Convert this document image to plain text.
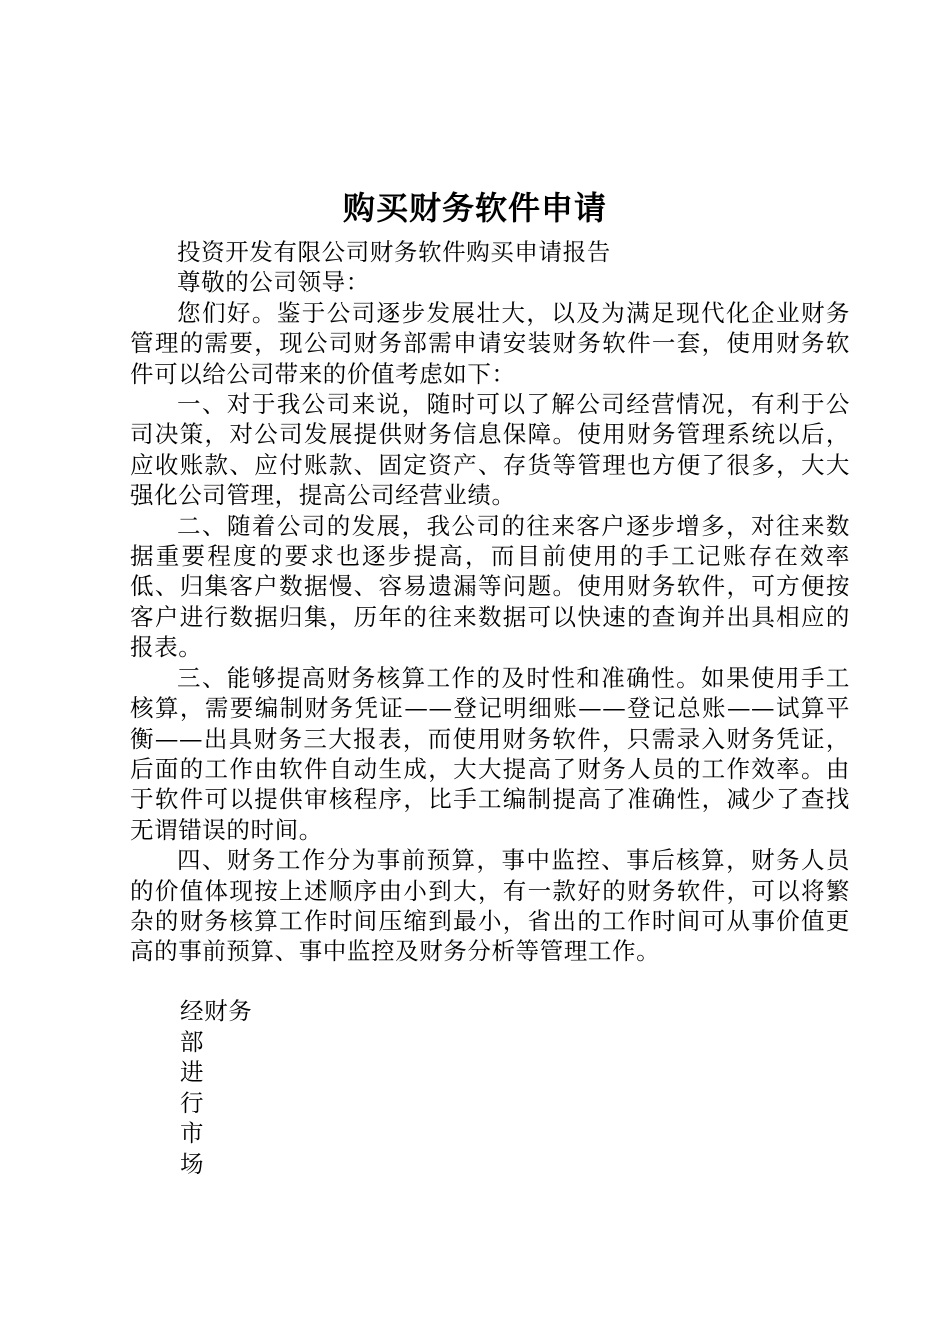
购买财务软件申请

投资开发有限公司财务软件购买申请报告

尊敬的公司领导：

您们好。鉴于公司逐步发展壮大，以及为满足现代化企业财务管理的需要，现公司财务部需申请安装财务软件一套，使用财务软件可以给公司带来的价值考虑如下：

一、对于我公司来说，随时可以了解公司经营情况，有利于公司决策，对公司发展提供财务信息保障。使用财务管理系统以后，应收账款、应付账款、固定资产、存货等管理也方便了很多，大大强化公司管理，提高公司经营业绩。

二、随着公司的发展，我公司的往来客户逐步增多，对往来数据重要程度的要求也逐步提高，而目前使用的手工记账存在效率低、归集客户数据慢、容易遗漏等问题。使用财务软件，可方便按客户进行数据归集，历年的往来数据可以快速的查询并出具相应的报表。

三、能够提高财务核算工作的及时性和准确性。如果使用手工核算，需要编制财务凭证——登记明细账——登记总账——试算平衡——出具财务三大报表，而使用财务软件，只需录入财务凭证，后面的工作由软件自动生成，大大提高了财务人员的工作效率。由于软件可以提供审核程序，比手工编制提高了准确性，减少了查找无谓错误的时间。

四、财务工作分为事前预算，事中监控、事后核算，财务人员的价值体现按上述顺序由小到大，有一款好的财务软件，可以将繁杂的财务核算工作时间压缩到最小，省出的工作时间可从事价值更高的事前预算、事中监控及财务分析等管理工作。

经财务
部
进
行
市
场
